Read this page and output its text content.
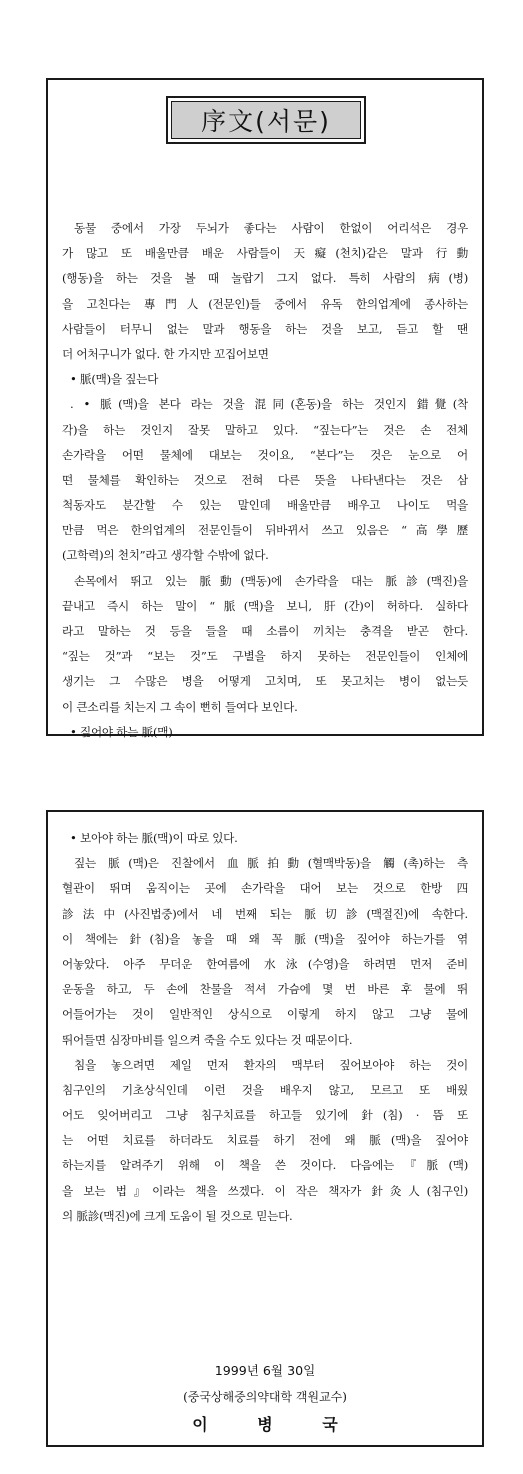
序文(서문)
동물 중에서 가장 두뇌가 좋다는 사람이 한없이 어리석은 경우
가 많고 또 배울만큼 배운 사람들이 天癡(천치)같은 말과 行動
(행동)을 하는 것을 볼 때 놀랍기 그지 없다. 특히 사람의 病(병)
을 고친다는 專門人(전문인)들 중에서 유독 한의업계에 종사하는
사람들이 터무니 없는 말과 행동을 하는 것을 보고, 듣고 할 땐
더 어처구니가 없다. 한 가지만 꼬집어보면
• 脈(맥)을 짚는다
. • 脈(맥)을 본다 라는 것을 混同(혼동)을 하는 것인지 錯覺(착
각)을 하는 것인지 잘못 말하고 있다. “짚는다”는 것은 손 전체
손가락을 어떤 물체에 대보는 것이요, “본다”는 것은 눈으로 어
떤 물체를 확인하는 것으로 전혀 다른 뜻을 나타낸다는 것은 삼
척동자도 분간할 수 있는 말인데 배울만큼 배우고 나이도 먹을
만큼 먹은 한의업계의 전문인들이 뒤바뀌서 쓰고 있음은 “高學歷
(고학력)의 천치”라고 생각할 수밖에 없다.
손목에서 뛰고 있는 脈動(맥동)에 손가락을 대는 脈診(맥진)을
끝내고 즉시 하는 말이 “脈(맥)을 보니, 肝(간)이 허하다. 실하다
라고 말하는 것 등을 들을 때 소름이 끼치는 충격을 받곤 한다.
“짚는 것”과 “보는 것”도 구별을 하지 못하는 전문인들이 인체에
생기는 그 수많은 병을 어떻게 고치며, 또 못고치는 병이 없는듯
이 큰소리를 치는지 그 속이 뻔히 들여다 보인다.
• 짚어야 하는 脈(맥)
• 보아야 하는 脈(맥)이 따로 있다.
짚는 脈(맥)은 진찰에서 血脈拍動(혈맥박동)을 觸(촉)하는 측
혈관이 뛰며 움직이는 곳에 손가락을 대어 보는 것으로 한방 四
診法中(사진법중)에서 네 번째 되는 脈切診(맥절진)에 속한다.
이 책에는 針(침)을 놓을 때 왜 꼭 脈(맥)을 짚어야 하는가를 엮
어놓았다. 아주 무더운 한여름에 水泳(수영)을 하려면 먼저 준비
운동을 하고, 두 손에 찬물을 적셔 가슴에 몇 번 바른 후 물에 뛰
어들어가는 것이 일반적인 상식으로 이렇게 하지 않고 그냥 물에
뛰어들면 심장마비를 일으켜 죽을 수도 있다는 것 때문이다.
침을 놓으려면 제일 먼저 환자의 맥부터 짚어보아야 하는 것이
침구인의 기초상식인데 이런 것을 배우지 않고, 모르고 또 배웠
어도 잊어버리고 그냥 침구치료를 하고들 있기에 針(침) · 뜸 또
는 어떤 치료를 하더라도 치료를 하기 전에 왜 脈(맥)을 짚어야
하는지를 알려주기 위해 이 책을 쓴 것이다. 다음에는『脈(맥)
을 보는 법』이라는 책을 쓰겠다. 이 작은 책자가 針灸人(침구인)
의 脈診(맥진)에 크게 도움이 될 것으로 믿는다.
1999년 6월 30일
(중국상해중의약대학 객원교수)
이 병 국
